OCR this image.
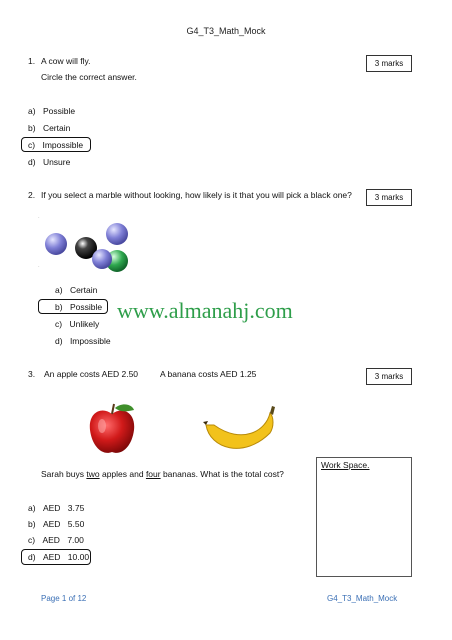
G4_T3_Math_Mock
1. A cow will fly.
Circle the correct answer.
3 marks
a) Possible
b) Certain
c) Impossible
d) Unsure
2. If you select a marble without looking, how likely is it that you will pick a black one?	3 marks
·
·
a) Certain
b) Possible
c) Unlikely
d) Impossible
www.almanahj.com
3. An apple costs AED 2.50	A banana costs AED 1.25	3 marks
Sarah buys two apples and four bananas. What is the total cost?
Work Space.
a) AED 3.75
b) AED 5.50
c) AED 7.00
d) AED 10.00
Page 1 of 12	G4_T3_Math_Mock
